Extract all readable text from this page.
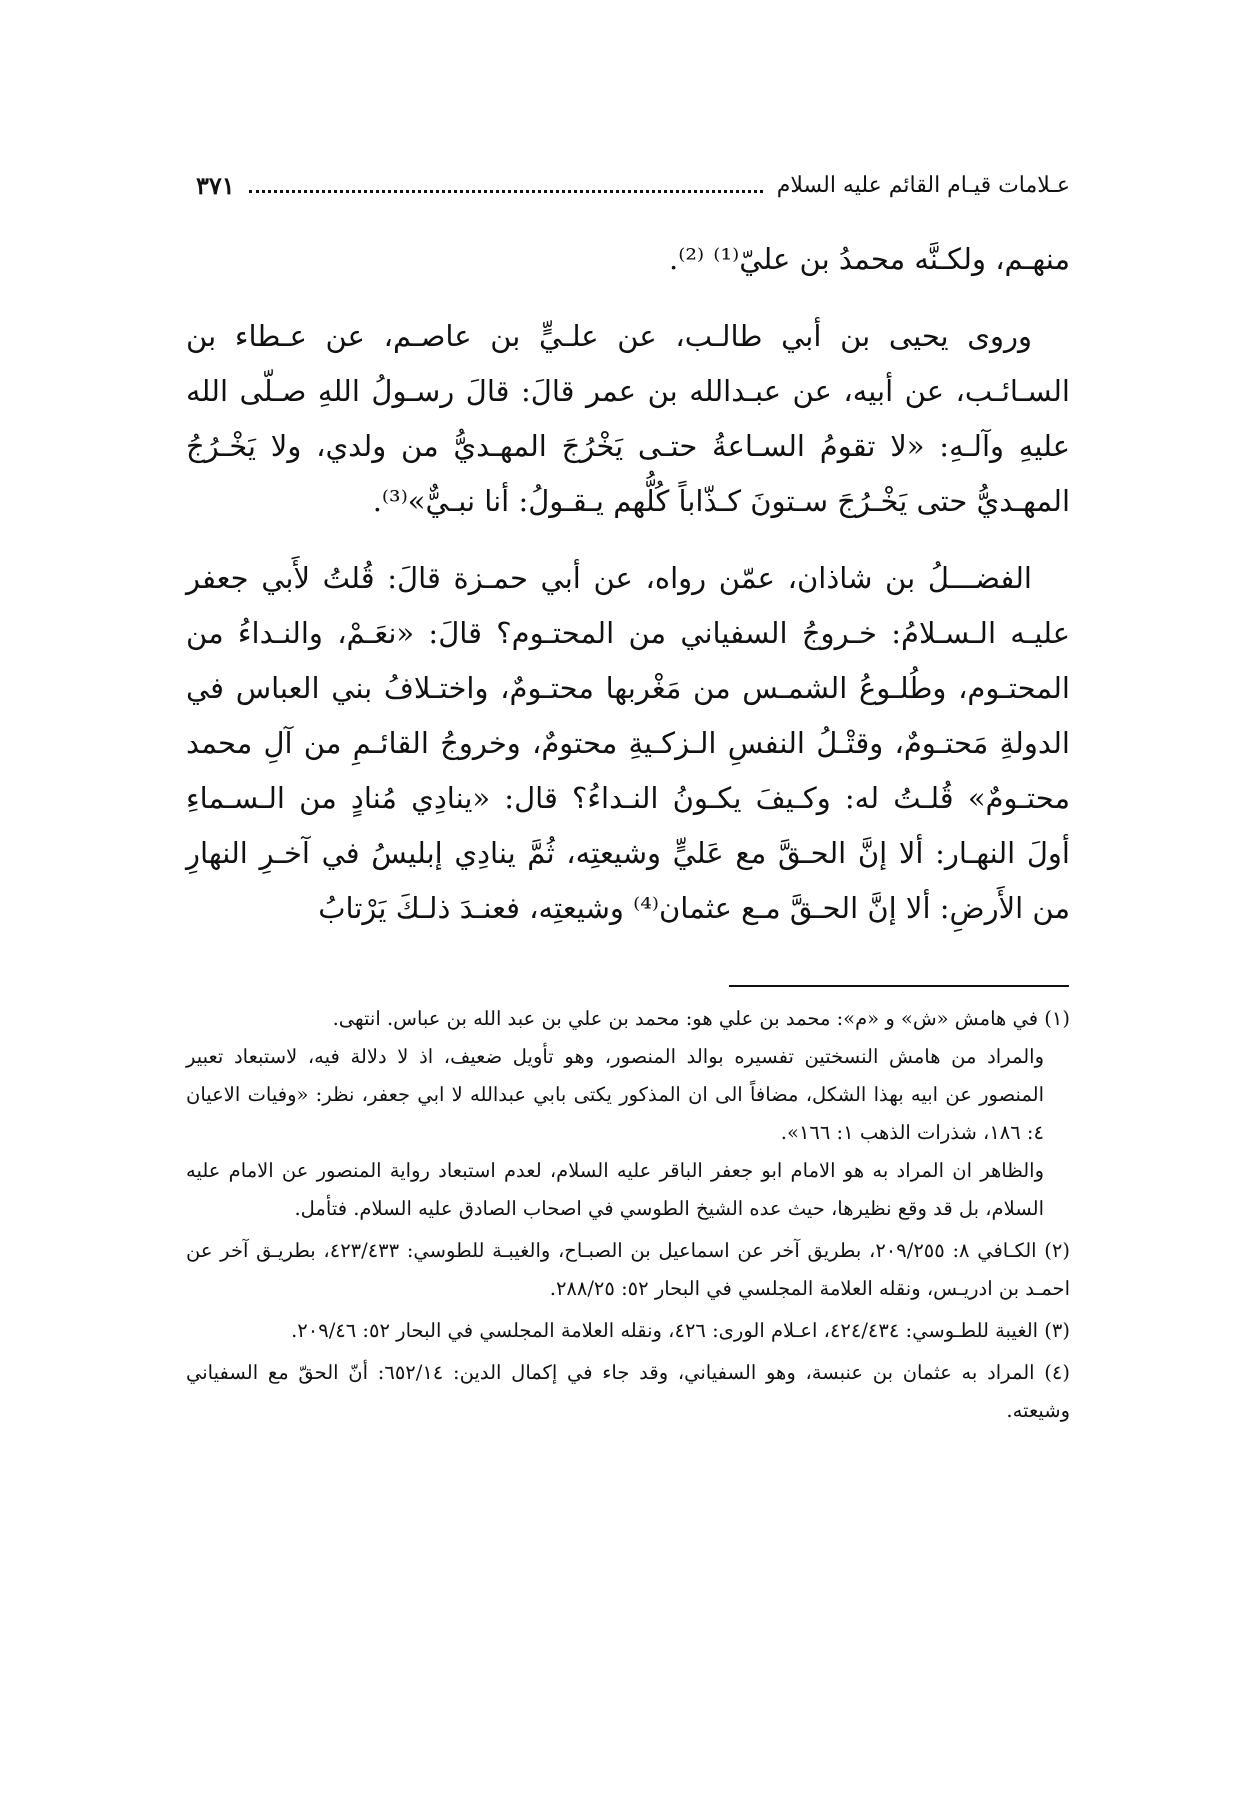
عـلامات قيـام القائم عليه السلام
٣٧١

منهـم، ولكـنَّه محمدُ بن عليّ⁽¹⁾ ⁽²⁾.

وروى يحيى بن أبي طالـب، عن علـيٍّ بن عاصـم، عن عـطاء بن السـائـب، عن أبيه، عن عبـدالله بن عمر قالَ: قالَ رسـولُ اللهِ صـلّى الله عليهِ وآلـهِ: «لا تقومُ السـاعةُ حتـى يَخْرُجَ المهـديُّ من ولدي، ولا يَخْـرُجُ المهـديُّ حتى يَخْـرُجَ سـتونَ كـذّاباً كُلُّهم يـقـولُ: أنا نبـيٌّ»⁽³⁾.

الفضـــلُ بن شاذان، عمّن رواه، عن أبي حمـزة قالَ: قُلتُ لأَبي جعفر عليـه الـسـلامُ: خـروجُ السفياني من المحتـوم؟ قالَ: «نعَـمْ، والنـداءُ من المحتـوم، وطُلـوعُ الشمـس من مَغْربها محتـومٌ، واختـلافُ بني العباس في الدولةِ مَحتـومٌ، وقتْـلُ النفسِ الـزكـيةِ محتومٌ، وخروجُ القائـمِ من آلِ محمد محتـومٌ» قُلـتُ له: وكـيفَ يكـونُ النـداءُ؟ قال: «ينادِي مُنادٍ من الـسـماءِ أولَ النهـار: ألا إنَّ الحـقَّ مع عَليٍّ وشيعتِه، ثُمَّ ينادِي إبليسُ في آخـرِ النهارِ من الأَرضِ: ألا إنَّ الحـقَّ مـع عثمان⁽⁴⁾ وشيعتِه، فعنـدَ ذلـكَ يَرْتابُ

(١) في هامش «ش» و «م»: محمد بن علي هو: محمد بن علي بن عبد الله بن عباس. انتهى.

والمراد من هامش النسختين تفسيره بوالد المنصور، وهو تأويل ضعيف، اذ لا دلالة فيه، لاستبعاد تعبير المنصور عن ابيه بهذا الشكل، مضافاً الى ان المذكور يكتى بابي عبدالله لا ابي جعفر، نظر: «وفيات الاعيان ٤: ١٨٦، شذرات الذهب ١: ١٦٦».

والظاهر ان المراد به هو الامام ابو جعفر الباقر عليه السلام، لعدم استبعاد رواية المنصور عن الامام عليه السلام، بل قد وقع نظيرها، حيث عده الشيخ الطوسي في اصحاب الصادق عليه السلام. فتأمل.

(٢) الكـافي ٨: ٢٠٩/٢٥٥، بطريق آخر عن اسماعيل بن الصبـاح، والغيبـة للطوسي: ٤٢٣/٤٣٣، بطريـق آخر عن احمـد بن ادريـس، ونقله العلامة المجلسي في البحار ٥٢: ٢٨٨/٢٥.

(٣) الغيبة للطـوسي: ٤٢٤/٤٣٤، اعـلام الورى: ٤٢٦، ونقله العلامة المجلسي في البحار ٥٢: ٢٠٩/٤٦.

(٤) المراد به عثمان بن عنبسة، وهو السفياني، وقد جاء في إكمال الدين: ٦٥٢/١٤: أنّ الحقّ مع السفياني وشيعته.
